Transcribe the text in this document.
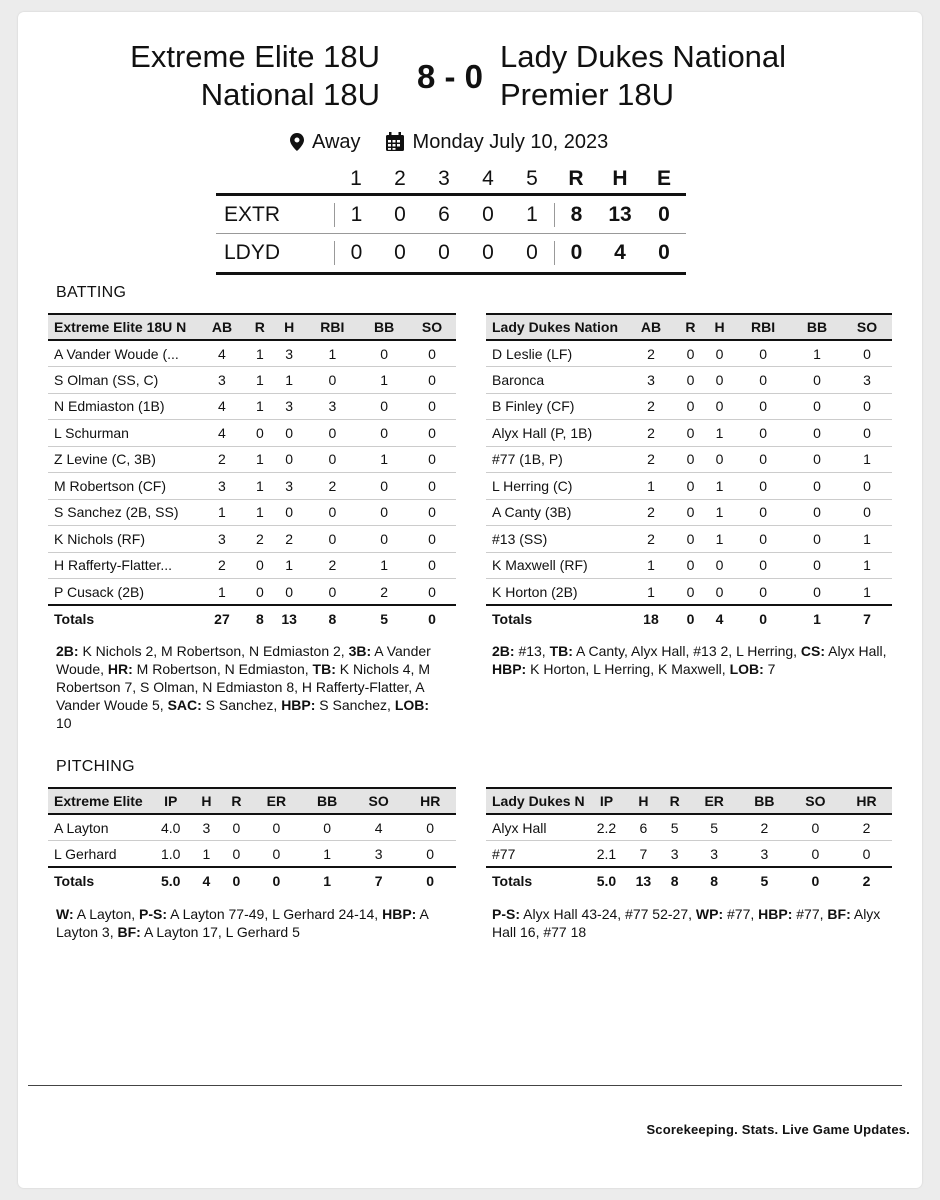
Extreme Elite 18U
National 18U	8 - 0
Lady Dukes National
Premier 18U
Away	Monday July 10, 2023
1	2	3	4	5	R	H	E
EXTR	1	0	6	0	1	8	13	0
LDYD	0	0	0	0	0	0	4	0
BATTING
Extreme Elite 18U N	AB	R	H	RBI	BB	SO
A Vander Woude (...	4	1	3	1	0	0
S Olman (SS, C)	3	1	1	0	1	0
N Edmiaston (1B)	4	1	3	3	0	0
L Schurman	4	0	0	0	0	0
Z Levine (C, 3B)	2	1	0	0	1	0
M Robertson (CF)	3	1	3	2	0	0
S Sanchez (2B, SS)	1	1	0	0	0	0
K Nichols (RF)	3	2	2	0	0	0
H Rafferty-Flatter...	2	0	1	2	1	0
P Cusack (2B)	1	0	0	0	2	0
Totals	27	8	13	8	5	0
Lady Dukes Nation	AB	R	H	RBI	BB	SO
D Leslie (LF)	2	0	0	0	1	0
Baronca	3	0	0	0	0	3
B Finley (CF)	2	0	0	0	0	0
Alyx Hall (P, 1B)	2	0	1	0	0	0
#77 (1B, P)	2	0	0	0	0	1
L Herring (C)	1	0	1	0	0	0
A Canty (3B)	2	0	1	0	0	0
#13 (SS)	2	0	1	0	0	1
K Maxwell (RF)	1	0	0	0	0	1
K Horton (2B)	1	0	0	0	0	1
Totals	18	0	4	0	1	7
2B: K Nichols 2, M Robertson, N Edmiaston 2, 3B: A Vander Woude, HR: M Robertson, N Edmiaston, TB: K Nichols 4, M Robertson 7, S Olman, N Edmiaston 8, H Rafferty-Flatter, A Vander Woude 5, SAC: S Sanchez, HBP: S Sanchez, LOB: 10
2B: #13, TB: A Canty, Alyx Hall, #13 2, L Herring, CS: Alyx Hall, HBP: K Horton, L Herring, K Maxwell, LOB: 7
PITCHING
Extreme Elite	IP	H	R	ER	BB	SO	HR
A Layton	4.0	3	0	0	0	4	0
L Gerhard	1.0	1	0	0	1	3	0
Totals	5.0	4	0	0	1	7	0
Lady Dukes N	IP	H	R	ER	BB	SO	HR
Alyx Hall	2.2	6	5	5	2	0	2
#77	2.1	7	3	3	3	0	0
Totals	5.0	13	8	8	5	0	2
W: A Layton, P-S: A Layton 77-49, L Gerhard 24-14, HBP: A Layton 3, BF: A Layton 17, L Gerhard 5
P-S: Alyx Hall 43-24, #77 52-27, WP: #77, HBP: #77, BF: Alyx Hall 16, #77 18
Scorekeeping. Stats. Live Game Updates.
